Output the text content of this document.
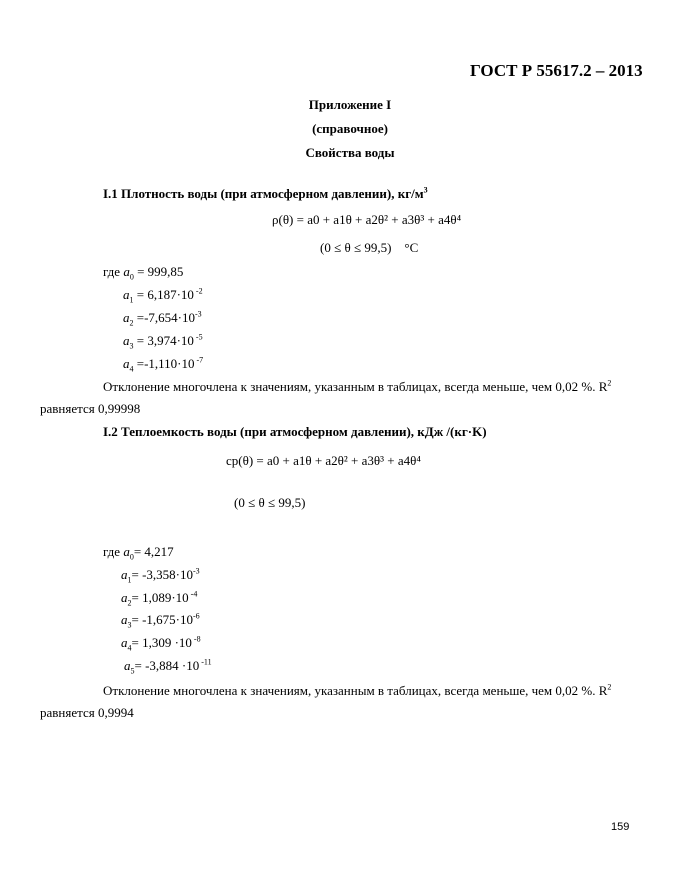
ГОСТ Р 55617.2 – 2013
Приложение I
(справочное)
Свойства воды
I.1 Плотность воды (при атмосферном давлении), $кг/м^3$
ρ(θ) = a0 + a1θ + a2θ² + a3θ³ + a4θ⁴
(0 ≤ θ ≤ 99,5) °C
где $a_0 = 999,85$
$a_1 = 6,187\cdot 10$ $^{-2}$
$a_2 =-7,654\cdot 10^{-3}$
$a_3 = 3,974\cdot 10$ $^{-5}$
$a_4 =-1,110\cdot 10$ $^{-7}$
Отклонение многочлена к значениям, указанным в таблицах, всегда меньше, чем 0,02 %. $R^2$
равняется 0,99998
I.2 Теплоемкость воды (при атмосферном давлении), кДж /(кг·K)
cp(θ) = a0 + a1θ + a2θ² + a3θ³ + a4θ⁴
(0 ≤ θ ≤ 99,5)
где $a_0= 4,217$
$a_1= -3,358\cdot 10^{-3}$
$a_2= 1,089\cdot 10$ $^{-4}$
$a_3= -1,675\cdot 10^{-6}$
$a_4= 1,309 \cdot 10$ $^{-8}$
$a_5= -3,884 \cdot 10$ $^{-11}$
Отклонение многочлена к значениям, указанным в таблицах, всегда меньше, чем 0,02 %. $R^2$
равняется 0,9994
159
